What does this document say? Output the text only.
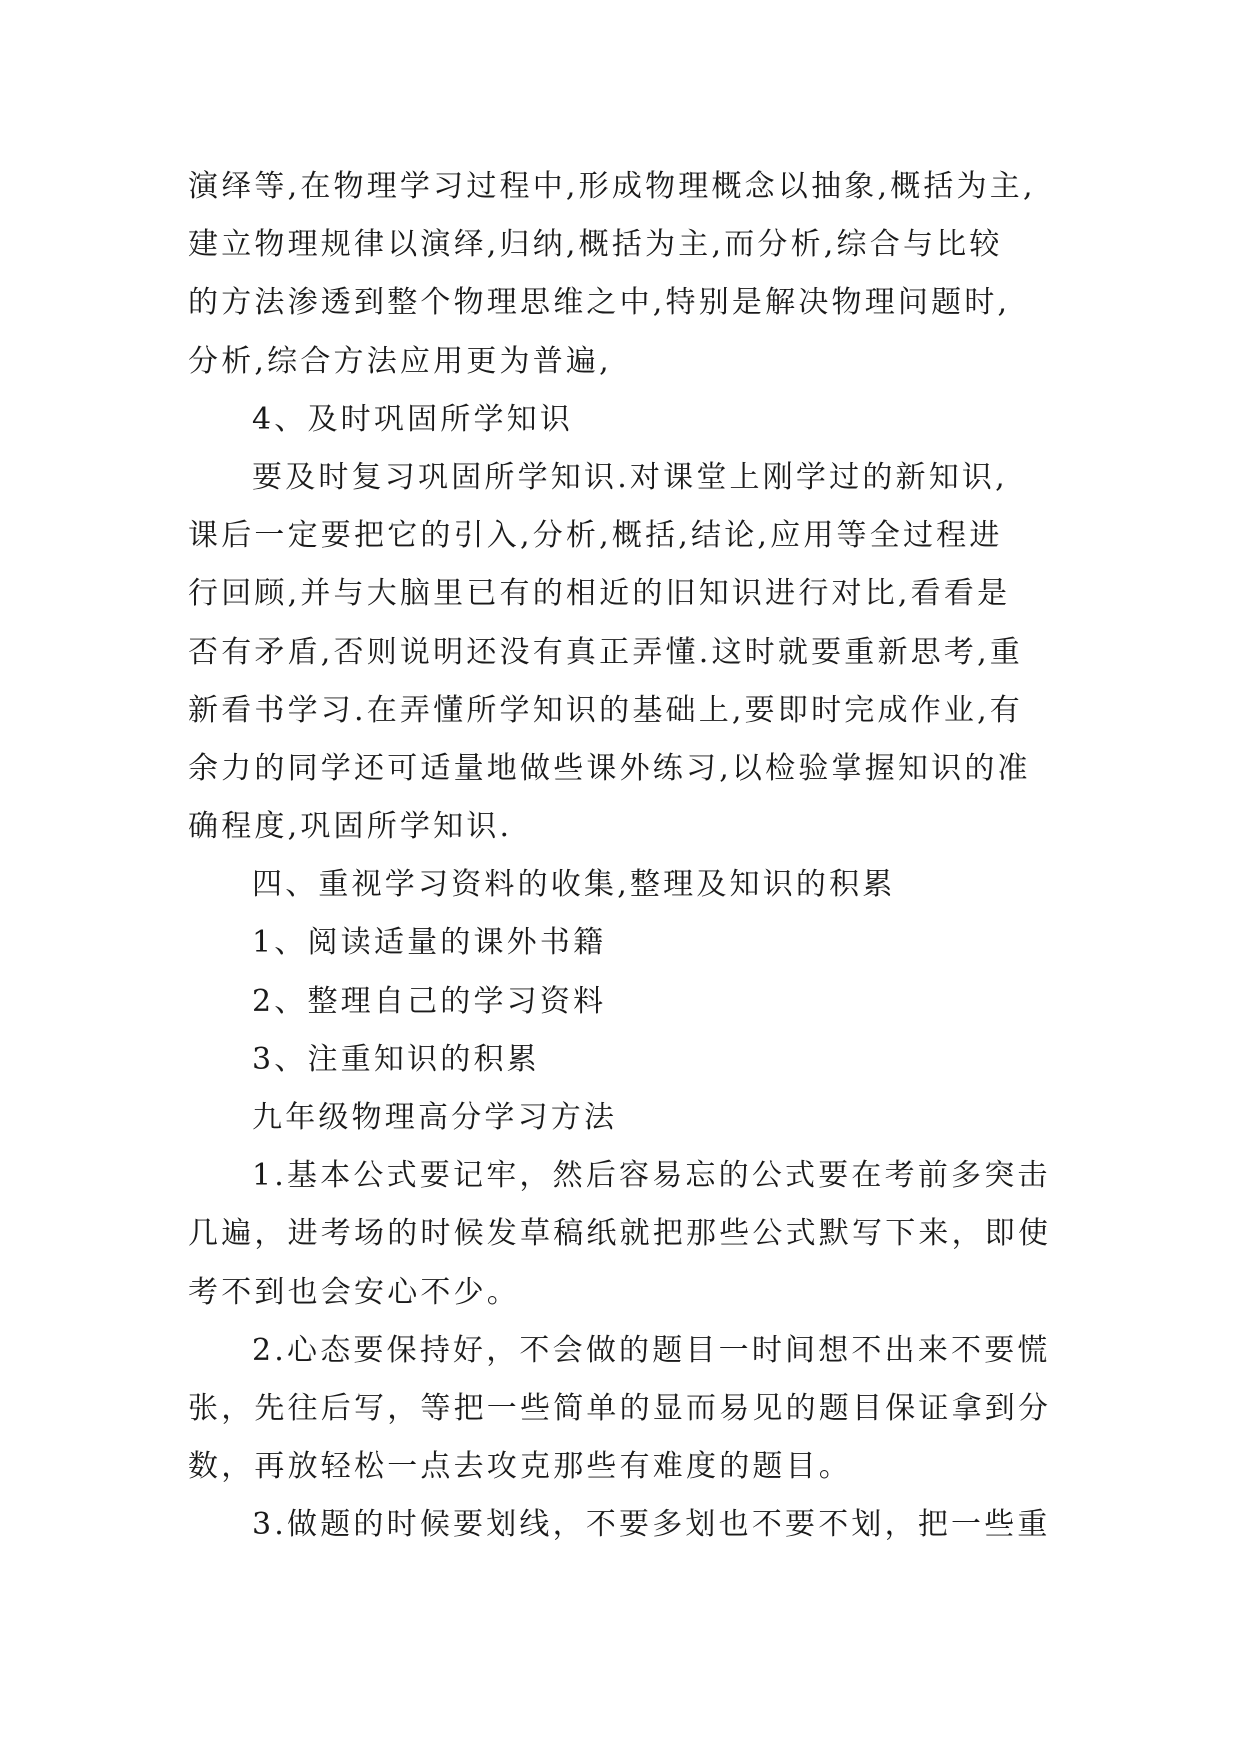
演绎等,在物理学习过程中,形成物理概念以抽象,概括为主,
建立物理规律以演绎,归纳,概括为主,而分析,综合与比较
的方法渗透到整个物理思维之中,特别是解决物理问题时,
分析,综合方法应用更为普遍,
4、及时巩固所学知识
要及时复习巩固所学知识.对课堂上刚学过的新知识,
课后一定要把它的引入,分析,概括,结论,应用等全过程进
行回顾,并与大脑里已有的相近的旧知识进行对比,看看是
否有矛盾,否则说明还没有真正弄懂.这时就要重新思考,重
新看书学习.在弄懂所学知识的基础上,要即时完成作业,有
余力的同学还可适量地做些课外练习,以检验掌握知识的准
确程度,巩固所学知识.
四、重视学习资料的收集,整理及知识的积累
1、阅读适量的课外书籍
2、整理自己的学习资料
3、注重知识的积累
九年级物理高分学习方法
1.基本公式要记牢，然后容易忘的公式要在考前多突击
几遍，进考场的时候发草稿纸就把那些公式默写下来，即使
考不到也会安心不少。
2.心态要保持好，不会做的题目一时间想不出来不要慌
张，先往后写，等把一些简单的显而易见的题目保证拿到分
数，再放轻松一点去攻克那些有难度的题目。
3.做题的时候要划线，不要多划也不要不划，把一些重
